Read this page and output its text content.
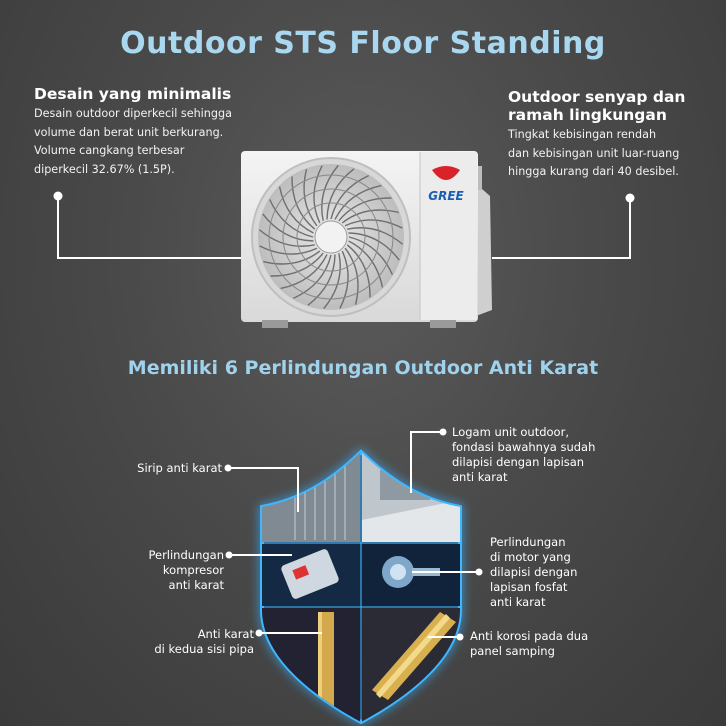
Outdoor STS Floor Standing
Desain yang minimalis
Desain outdoor diperkecil sehingga
volume dan berat unit berkurang.
Volume cangkang terbesar
diperkecil 32.67% (1.5P).
Outdoor senyap dan
ramah lingkungan
Tingkat kebisingan rendah
dan kebisingan unit luar-ruang
hingga kurang dari 40 desibel.
GREE
Memiliki 6 Perlindungan Outdoor Anti Karat
Sirip anti karat
Perlindungan
kompresor
anti karat
Anti karat
di kedua sisi pipa
Logam unit outdoor,
fondasi bawahnya sudah
dilapisi dengan lapisan
anti karat
Perlindungan
di motor yang
dilapisi dengan
lapisan fosfat
anti karat
Anti korosi pada dua
panel samping
